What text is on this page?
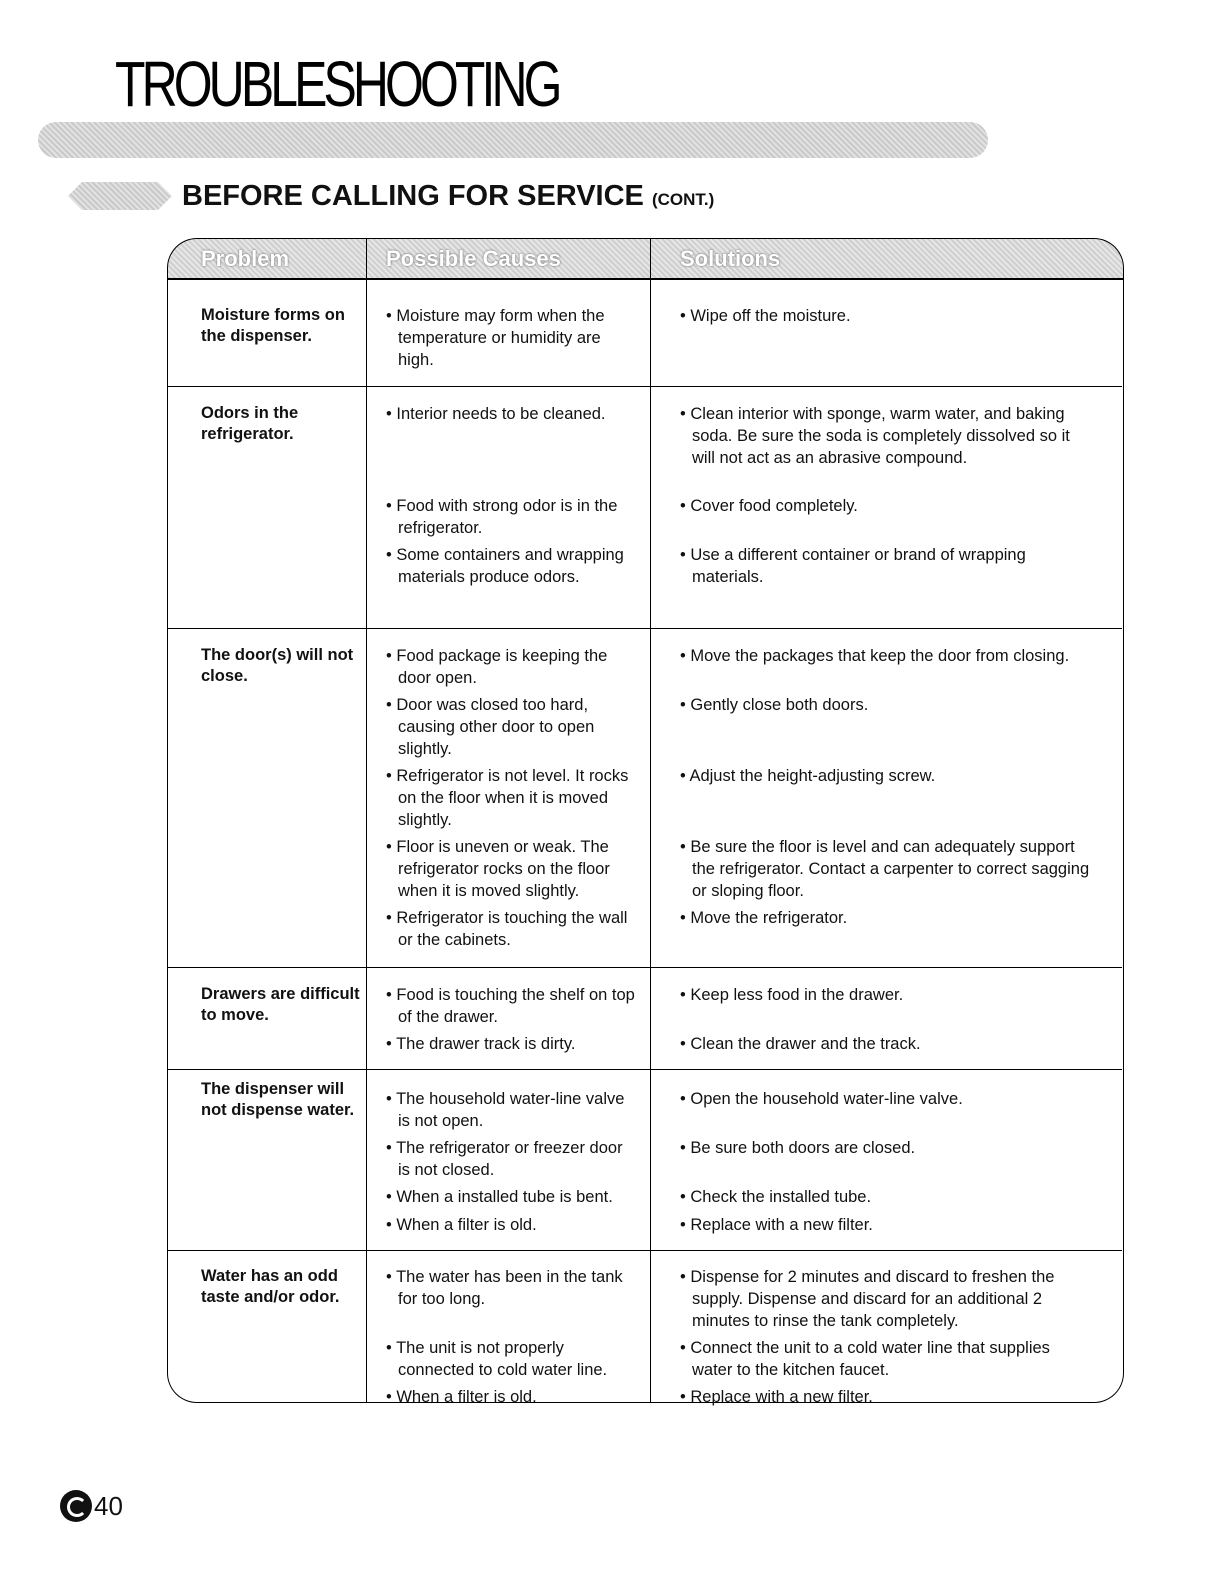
TROUBLESHOOTING
BEFORE CALLING FOR SERVICE (CONT.)
Problem	Possible Causes	Solutions
Moisture forms on the dispenser.
• Moisture may form when the temperature or humidity are high.
• Wipe off the moisture.
Odors in the refrigerator.
• Interior needs to be cleaned.
• Food with strong odor is in the refrigerator.
• Some containers and wrapping materials produce odors.
• Clean interior with sponge, warm water, and baking soda. Be sure the soda is completely dissolved so it will not act as an abrasive compound.
• Cover food completely.
• Use a different container or brand of wrapping materials.
The door(s) will not close.
• Food package is keeping the door open.
• Door was closed too hard, causing other door to open slightly.
• Refrigerator is not level. It rocks on the floor when it is moved slightly.
• Floor is uneven or weak. The refrigerator rocks on the floor when it is moved slightly.
• Refrigerator is touching the wall or the cabinets.
• Move the packages that keep the door from closing.
• Gently close both doors.
• Adjust the height-adjusting screw.
• Be sure the floor is level and can adequately support the refrigerator. Contact a carpenter to correct sagging or sloping floor.
• Move the refrigerator.
Drawers are difficult to move.
• Food is touching the shelf on top of the drawer.
• The drawer track is dirty.
• Keep less food in the drawer.
• Clean the drawer and the track.
The dispenser will not dispense water.
• The household water-line valve is not open.
• The refrigerator or freezer door is not closed.
• When a installed tube is bent.
• When a filter is old.
• Open the household water-line valve.
• Be sure both doors are closed.
• Check the installed tube.
• Replace with a new filter.
Water has an odd taste and/or odor.
• The water has been in the tank for too long.
• The unit is not properly connected to cold water line.
• When a filter is old.
• Dispense for 2 minutes and discard to freshen the supply. Dispense and discard for an additional 2 minutes to rinse the tank completely.
• Connect the unit to a cold water line that supplies water to the kitchen faucet.
• Replace with a new filter.
40
